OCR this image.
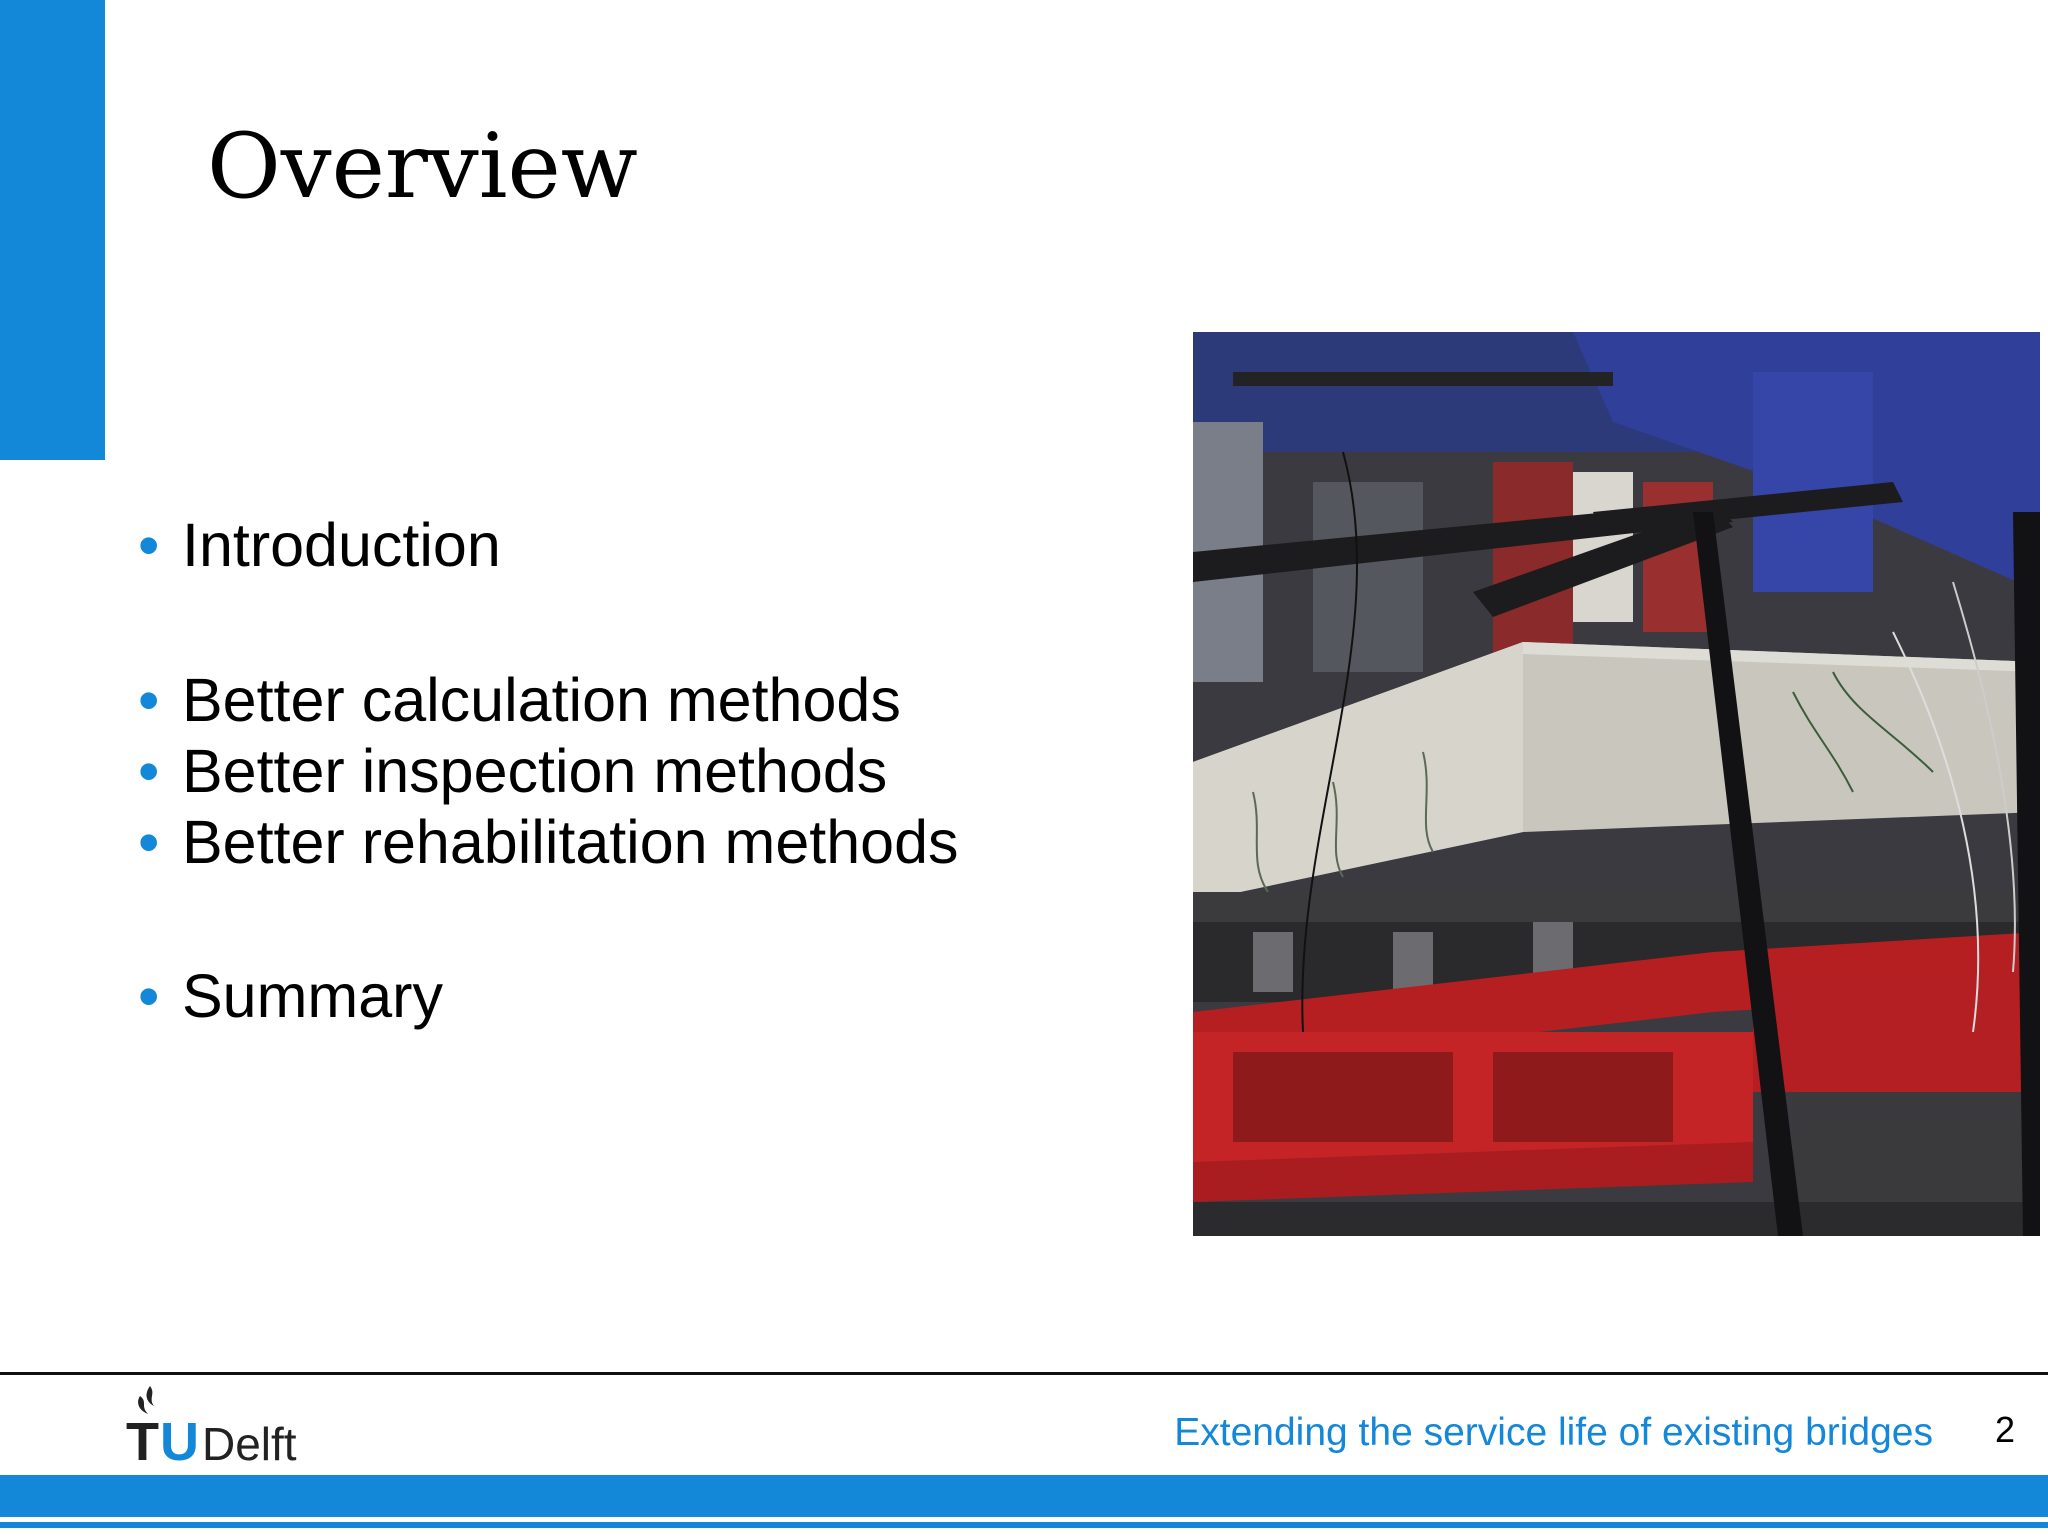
Overview
• Introduction
• Better calculation methods
• Better inspection methods
• Better rehabilitation methods
• Summary
T U Delft	Extending the service life of existing bridges 2
